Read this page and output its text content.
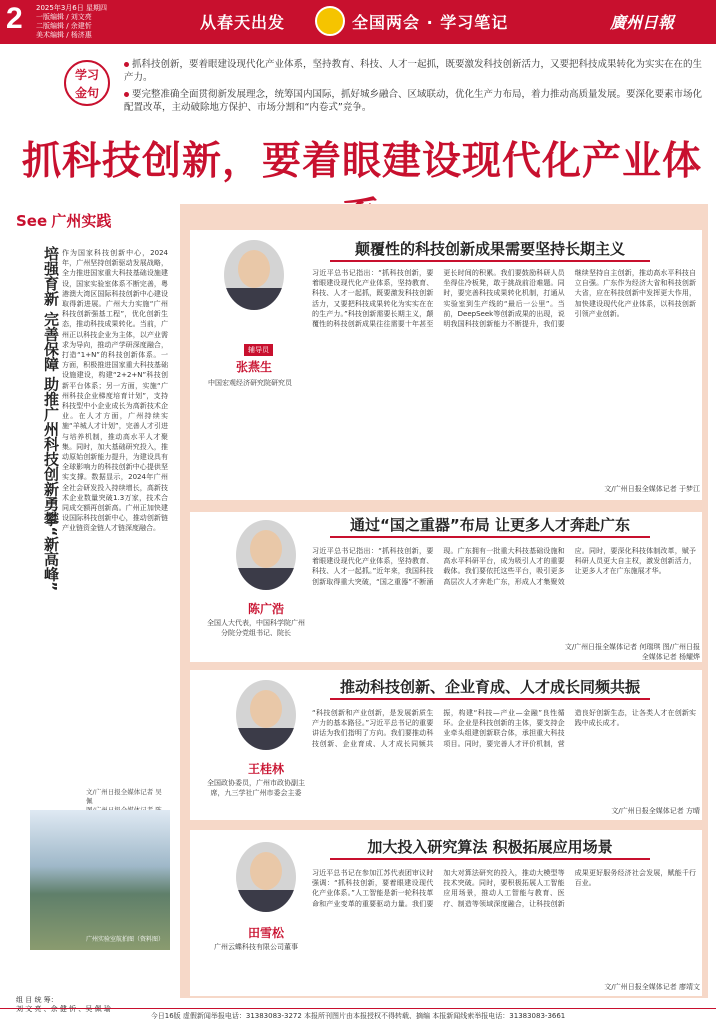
2 2025年3月6日 星期四
一版编辑 / 刘文亮
二版编辑 / 余建忻
美术编辑 / 杨济惠
从春天出发	全国两会 · 学习笔记	廣州日報
学习
金句
抓科技创新，要着眼建设现代化产业体系，坚持教育、科技、人才一起抓，既要激发科技创新活力，又要把科技成果转化为实实在在的生产力。
要完整准确全面贯彻新发展理念，统筹国内国际，抓好城乡融合、区域联动，优化生产力布局，着力推动高质量发展。要深化要素市场化配置改革，主动破除地方保护、市场分割和“内卷式”竞争。
抓科技创新，要着眼建设现代化产业体
See 广州实践
培强育新 完善保障 助推广州科技创新勇攀“新高峰” 作为国家科技创新中心，2024年，广州坚持创新驱动发展战略，全力推进国家重大科技基础设施建设，国家实验室体系不断完善，粤港澳大湾区国际科技创新中心建设取得新进展。广州大力实施“广州科技创新强基工程”，优化创新生态，推动科技成果转化。当前，广州正以科技企业为主体，以产业需求为导向，推动产学研深度融合，打造“1+N”的科技创新体系。一方面，积极推进国家重大科技基础设施建设，构建“2+2+N”科技创新平台体系；另一方面，实施“广州科技企业梯度培育计划”，支持科技型中小企业成长为高新技术企业。在人才方面，广州持续实施“羊城人才计划”，完善人才引进与培养机制，推动高水平人才聚集。同时，加大基础研究投入，推动原始创新能力提升，为建设具有全球影响力的科技创新中心提供坚实支撑。数据显示，2024年广州全社会研发投入持续增长，高新技术企业数量突破1.3万家，技术合同成交额再创新高。广州正加快建设国际科技创新中心，推动创新链产业链资金链人才链深度融合。
文/广州日报全媒体记者 吴佩
广州实验室航拍图（资料图）
组 目 统 筹：
刘 文 亮 、余 健 忻 、吴 佩 瑜
颠覆性的科技创新成果需要坚持长期主义
辅导员
张燕生
中国宏观经济研究院研究员
习近平总书记指出：“抓科技创新，要着眼建设现代化产业体系，坚持教育、科技、人才一起抓，既要激发科技创新活力，又要把科技成果转化为实实在在的生产力。”科技创新需要长期主义，颠覆性的科技创新成果往往需要十年甚至更长时间的积累。我们要鼓励科研人员坐得住冷板凳，敢于挑战前沿难题。同时，要完善科技成果转化机制，打通从实验室到生产线的“最后一公里”。当前，DeepSeek等创新成果的出现，说明我国科技创新能力不断提升，我们要继续坚持自主创新，推动高水平科技自立自强。广东作为经济大省和科技创新大省，应在科技创新中发挥更大作用，加快建设现代化产业体系，以科技创新引领产业创新。
文/广州日报全媒体记者 于梦江
通过“国之重器”布局 让更多人才奔赴广东
陈广浩
全国人大代表，中国科学院广州分院分党组书记、院长
习近平总书记指出：“抓科技创新，要着眼建设现代化产业体系，坚持教育、科技、人才一起抓。”近年来，我国科技创新取得重大突破，“国之重器”不断涌现。广东拥有一批重大科技基础设施和高水平科研平台，成为吸引人才的重要载体。我们要依托这些平台，吸引更多高层次人才奔赴广东，形成人才集聚效应。同时，要深化科技体制改革，赋予科研人员更大自主权，激发创新活力，让更多人才在广东施展才华。
文/广州日报全媒体记者 何瑞琪 图/广州日报全媒体记者 杨耀烨
推动科技创新、企业育成、人才成长同频共振
王桂林
全国政协委员，广州市政协副主席，九三学社广州市委会主委
“科技创新和产业创新，是发展新质生产力的基本路径。”习近平总书记的重要讲话为我们指明了方向。我们要推动科技创新、企业育成、人才成长同频共振，构建“科技—产业—金融”良性循环。企业是科技创新的主体，要支持企业牵头组建创新联合体，承担重大科技项目。同时，要完善人才评价机制，营造良好创新生态，让各类人才在创新实践中成长成才。
文/广州日报全媒体记者 方晴
加大投入研究算法 积极拓展应用场景
田雪松
广州云蝶科技有限公司董事
习近平总书记在参加江苏代表团审议时强调：“抓科技创新，要着眼建设现代化产业体系。”人工智能是新一轮科技革命和产业变革的重要驱动力量。我们要加大对算法研究的投入，推动大模型等技术突破。同时，要积极拓展人工智能应用场景，推动人工智能与教育、医疗、制造等领域深度融合，让科技创新成果更好服务经济社会发展，赋能千行百业。
文/广州日报全媒体记者 廖靖文
今日16版 虚假新闻举报电话：31383083-3272 本报所刊图片由本报授权不得转载、摘编 本报新闻线索举报电话：31383083-3661
